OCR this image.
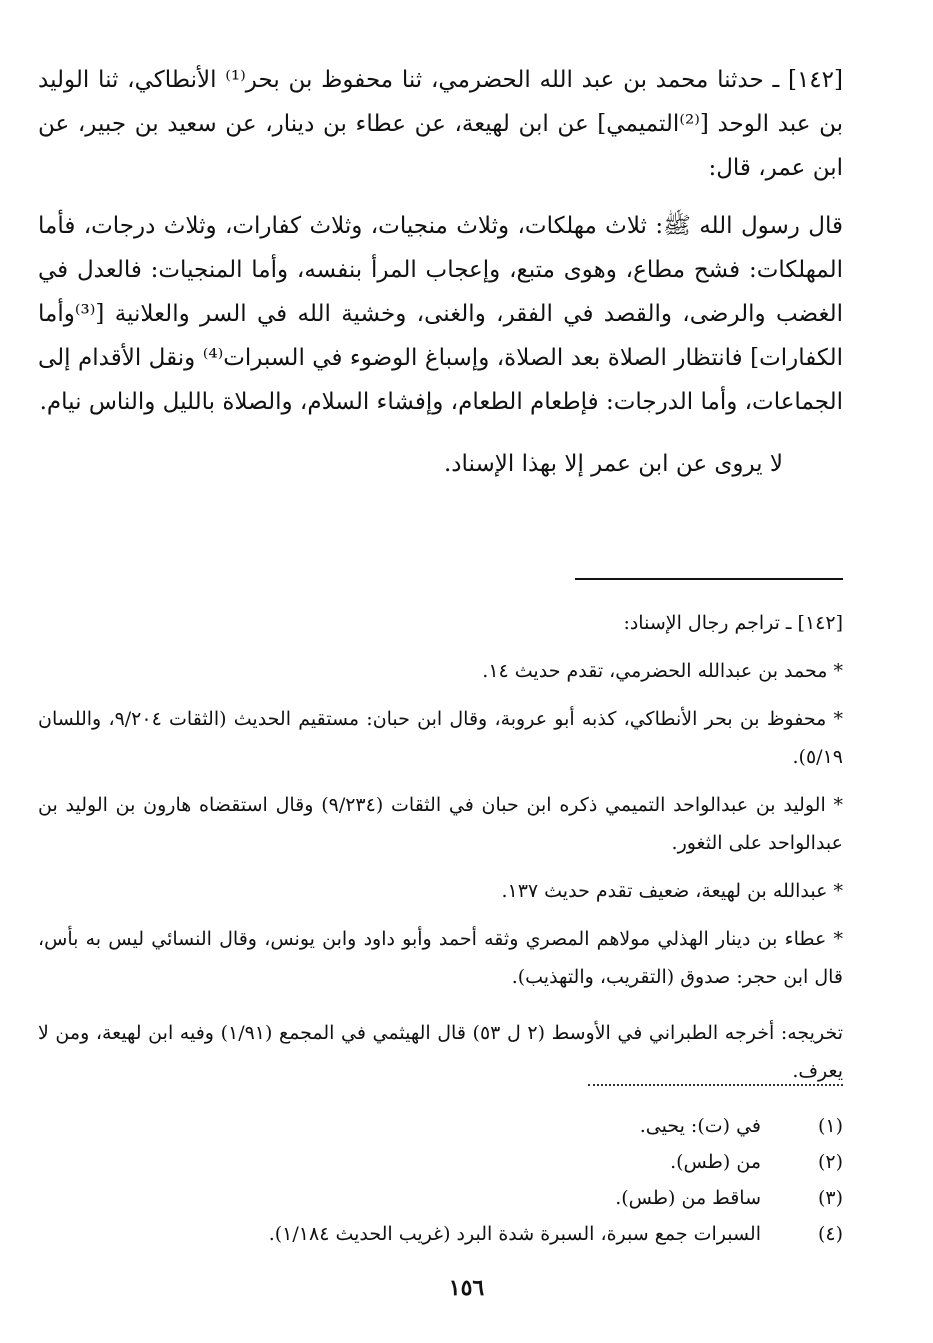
[١٤٢] ـ حدثنا محمد بن عبد الله الحضرمي، ثنا محفوظ بن بحر⁽¹⁾ الأنطاكي، ثنا الوليد بن عبد الوحد [⁽²⁾التميمي] عن ابن لهيعة، عن عطاء بن دينار، عن سعيد بن جبير، عن ابن عمر، قال:

قال رسول الله ﷺ: ثلاث مهلكات، وثلاث منجيات، وثلاث كفارات، وثلاث درجات، فأما المهلكات: فشح مطاع، وهوى متبع، وإعجاب المرأ بنفسه، وأما المنجيات: فالعدل في الغضب والرضى، والقصد في الفقر، والغنى، وخشية الله في السر والعلانية [⁽³⁾وأما الكفارات] فانتظار الصلاة بعد الصلاة، وإسباغ الوضوء في السبرات⁽⁴⁾ ونقل الأقدام إلى الجماعات، وأما الدرجات: فإطعام الطعام، وإفشاء السلام، والصلاة بالليل والناس نيام.

لا يروى عن ابن عمر إلا بهذا الإسناد.

[١٤٢] ـ تراجم رجال الإسناد:

* محمد بن عبدالله الحضرمي، تقدم حديث ١٤.

* محفوظ بن بحر الأنطاكي، كذبه أبو عروبة، وقال ابن حبان: مستقيم الحديث (الثقات ٩/٢٠٤، واللسان ٥/١٩).

* الوليد بن عبدالواحد التميمي ذكره ابن حبان في الثقات (٩/٢٣٤) وقال استقضاه هارون بن الوليد بن عبدالواحد على الثغور.

* عبدالله بن لهيعة، ضعيف تقدم حديث ١٣٧.

* عطاء بن دينار الهذلي مولاهم المصري وثقه أحمد وأبو داود وابن يونس، وقال النسائي ليس به بأس، قال ابن حجر: صدوق (التقريب، والتهذيب).

تخريجه: أخرجه الطبراني في الأوسط (٢ ل ٥٣) قال الهيثمي في المجمع (١/٩١) وفيه ابن لهيعة، ومن لا يعرف.

(١)
في (ت): يحيى.
(٢)
من (طس).
(٣)
ساقط من (طس).
(٤)
السبرات جمع سبرة، السبرة شدة البرد (غريب الحديث ١/١٨٤).
١٥٦
